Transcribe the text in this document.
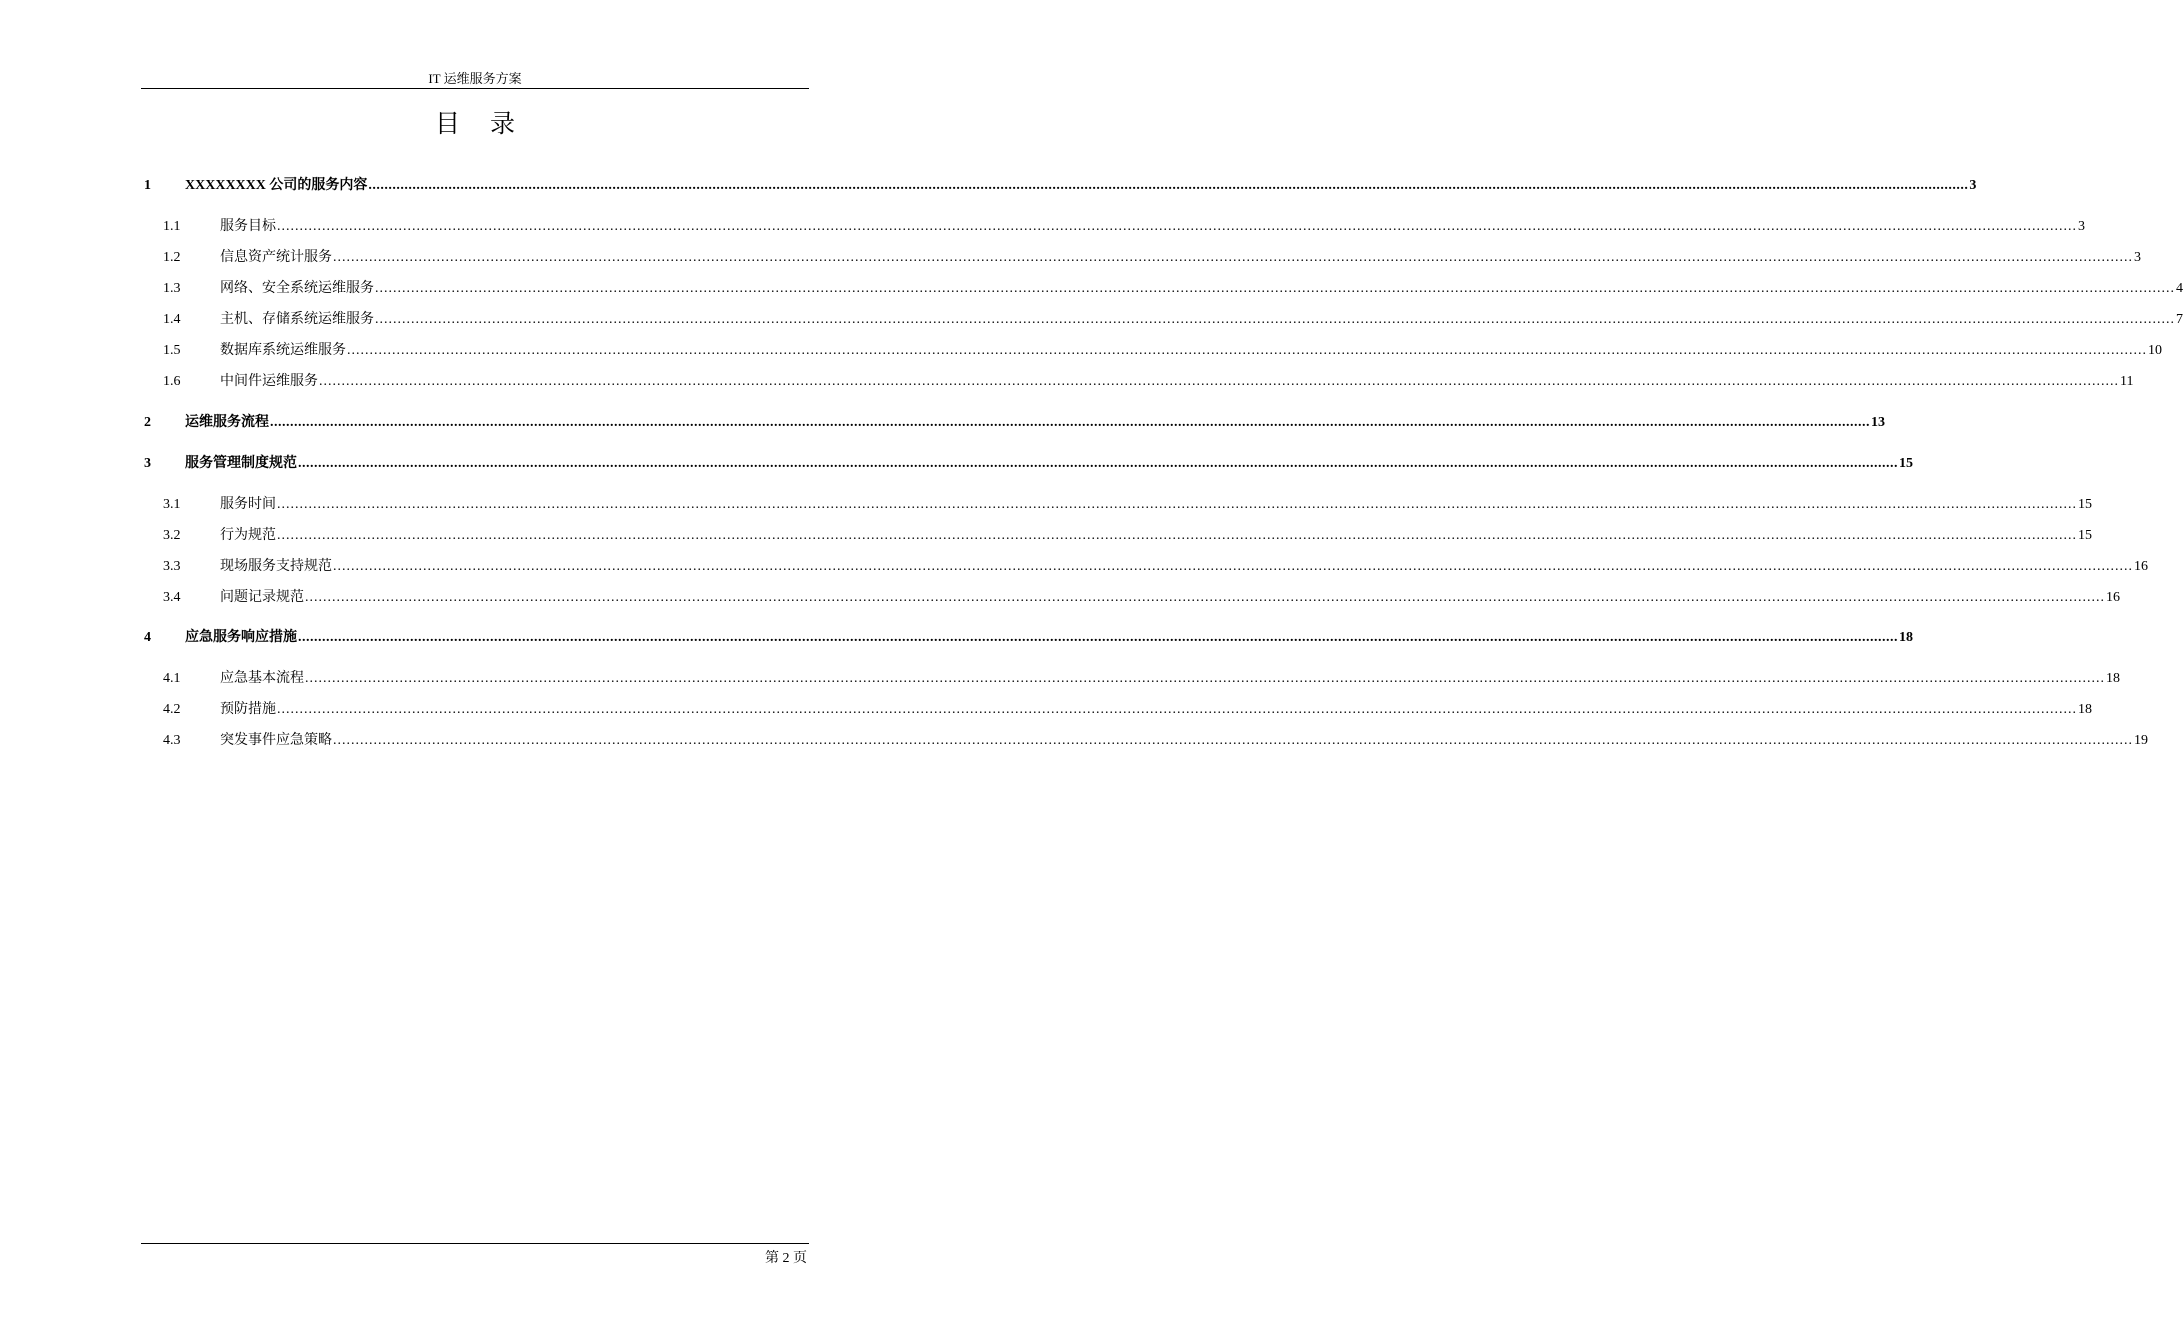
IT 运维服务方案
目录
1	XXXXXXXX 公司的服务内容 ................................................................................................................................................................................................................................................................................................................................................................................................................ 3
1.1	服务目标 ................................................................................................................................................................................................................................................................................................................................................................................................................ 3
1.2	信息资产统计服务 ................................................................................................................................................................................................................................................................................................................................................................................................................ 3
1.3	网络、安全系统运维服务 ................................................................................................................................................................................................................................................................................................................................................................................................................ 4
1.4	主机、存储系统运维服务 ................................................................................................................................................................................................................................................................................................................................................................................................................ 7
1.5	数据库系统运维服务 ................................................................................................................................................................................................................................................................................................................................................................................................................ 10
1.6	中间件运维服务 ................................................................................................................................................................................................................................................................................................................................................................................................................ 11
2	运维服务流程 ................................................................................................................................................................................................................................................................................................................................................................................................................ 13
3	服务管理制度规范 ................................................................................................................................................................................................................................................................................................................................................................................................................ 15
3.1	服务时间 ................................................................................................................................................................................................................................................................................................................................................................................................................ 15
3.2	行为规范 ................................................................................................................................................................................................................................................................................................................................................................................................................ 15
3.3	现场服务支持规范 ................................................................................................................................................................................................................................................................................................................................................................................................................ 16
3.4	问题记录规范 ................................................................................................................................................................................................................................................................................................................................................................................................................ 16
4	应急服务响应措施 ................................................................................................................................................................................................................................................................................................................................................................................................................ 18
4.1	应急基本流程 ................................................................................................................................................................................................................................................................................................................................................................................................................ 18
4.2	预防措施 ................................................................................................................................................................................................................................................................................................................................................................................................................ 18
4.3	突发事件应急策略 ................................................................................................................................................................................................................................................................................................................................................................................................................ 19
第 2 页
